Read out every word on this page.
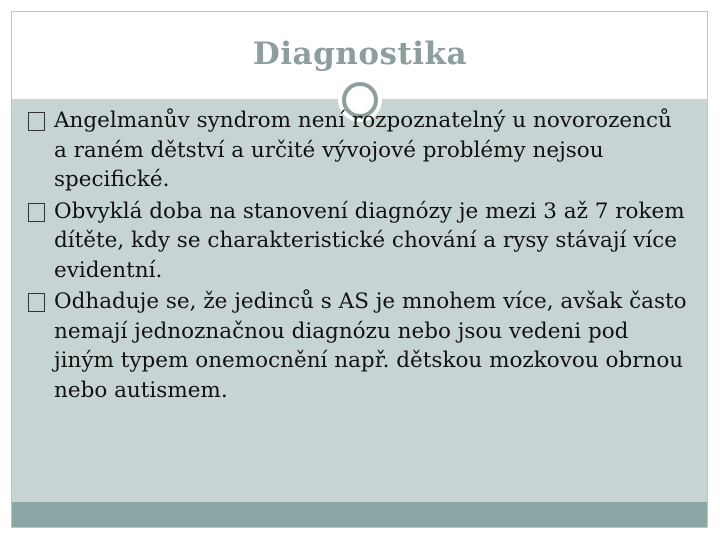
Diagnostika
Angelmanův syndrom není rozpoznatelný u novorozenců a raném dětství a určité vývojové problémy nejsou specifické.
Obvyklá doba na stanovení diagnózy je mezi 3 až 7 rokem dítěte, kdy se charakteristické chování a rysy stávají více evidentní.
Odhaduje se, že jedinců s AS je mnohem více, avšak často nemají jednoznačnou diagnózu nebo jsou vedeni pod jiným typem onemocnění např. dětskou mozkovou obrnou nebo autismem.
